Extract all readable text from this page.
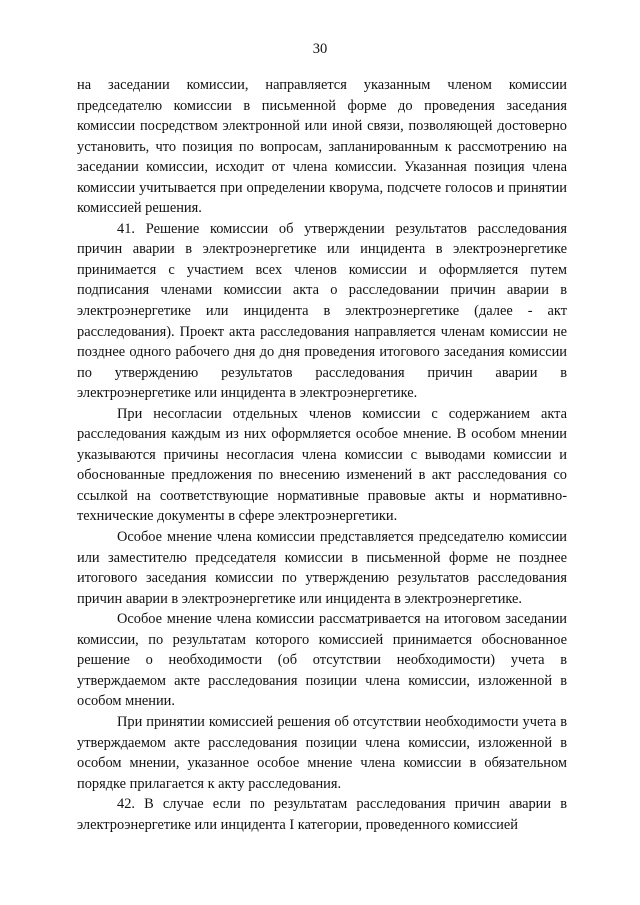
30

на заседании комиссии, направляется указанным членом комиссии председателю комиссии в письменной форме до проведения заседания комиссии посредством электронной или иной связи, позволяющей достоверно установить, что позиция по вопросам, запланированным к рассмотрению на заседании комиссии, исходит от члена комиссии. Указанная позиция члена комиссии учитывается при определении кворума, подсчете голосов и принятии комиссией решения.

41. Решение комиссии об утверждении результатов расследования причин аварии в электроэнергетике или инцидента в электроэнергетике принимается с участием всех членов комиссии и оформляется путем подписания членами комиссии акта о расследовании причин аварии в электроэнергетике или инцидента в электроэнергетике (далее - акт расследования). Проект акта расследования направляется членам комиссии не позднее одного рабочего дня до дня проведения итогового заседания комиссии по утверждению результатов расследования причин аварии в электроэнергетике или инцидента в электроэнергетике.

При несогласии отдельных членов комиссии с содержанием акта расследования каждым из них оформляется особое мнение. В особом мнении указываются причины несогласия члена комиссии с выводами комиссии и обоснованные предложения по внесению изменений в акт расследования со ссылкой на соответствующие нормативные правовые акты и нормативно-технические документы в сфере электроэнергетики.

Особое мнение члена комиссии представляется председателю комиссии или заместителю председателя комиссии в письменной форме не позднее итогового заседания комиссии по утверждению результатов расследования причин аварии в электроэнергетике или инцидента в электроэнергетике.

Особое мнение члена комиссии рассматривается на итоговом заседании комиссии, по результатам которого комиссией принимается обоснованное решение о необходимости (об отсутствии необходимости) учета в утверждаемом акте расследования позиции члена комиссии, изложенной в особом мнении.

При принятии комиссией решения об отсутствии необходимости учета в утверждаемом акте расследования позиции члена комиссии, изложенной в особом мнении, указанное особое мнение члена комиссии в обязательном порядке прилагается к акту расследования.

42. В случае если по результатам расследования причин аварии в электроэнергетике или инцидента I категории, проведенного комиссией
